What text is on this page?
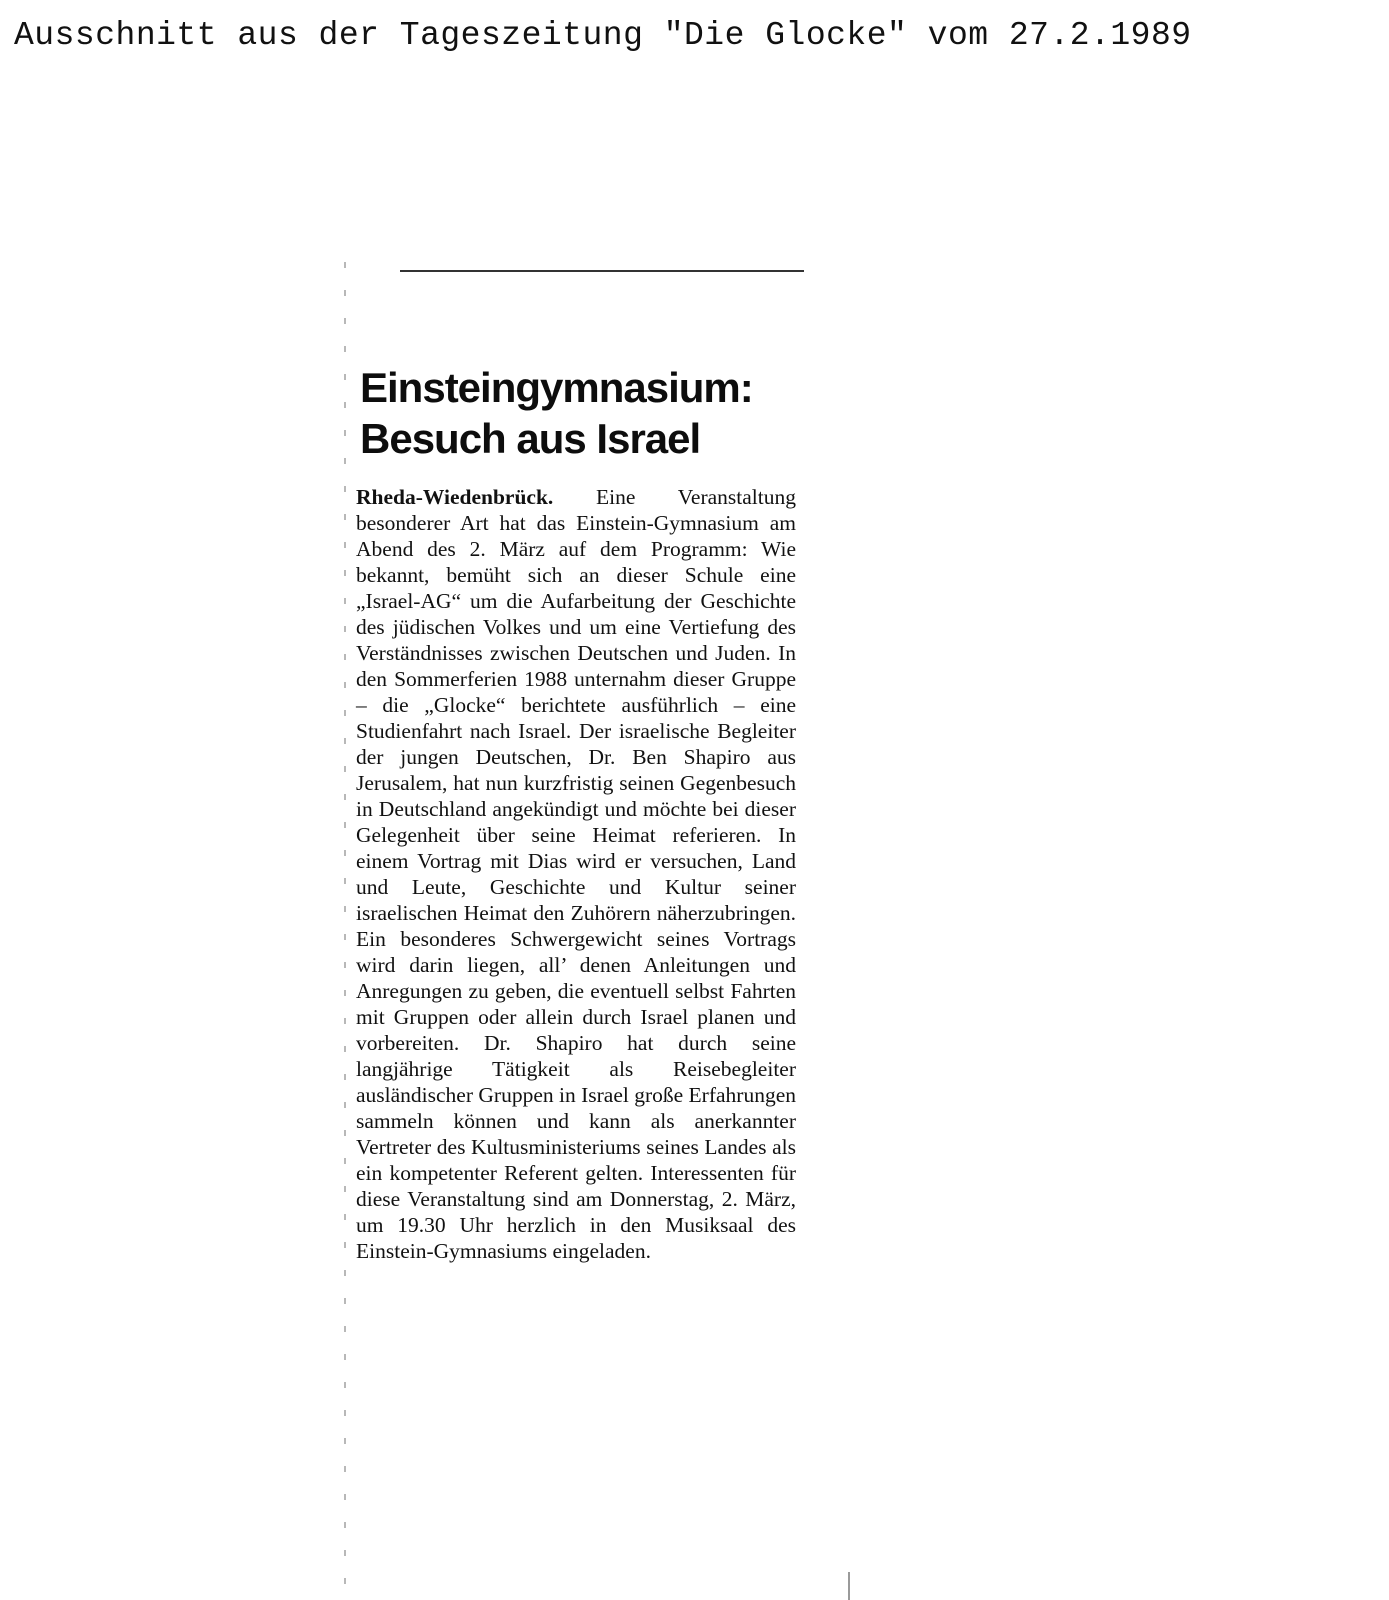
Ausschnitt aus der Tageszeitung "Die Glocke" vom 27.2.1989
Einsteingymnasium:
Besuch aus Israel

Rheda-Wiedenbrück. Eine Veranstaltung besonderer Art hat das Einstein-Gymnasium am Abend des 2. März auf dem Programm: Wie bekannt, bemüht sich an dieser Schule eine „Israel-AG“ um die Aufarbeitung der Geschichte des jüdischen Volkes und um eine Vertiefung des Verständnisses zwischen Deutschen und Juden. In den Sommerferien 1988 unternahm dieser Gruppe – die „Glocke“ berichtete ausführlich – eine Studienfahrt nach Israel. Der israelische Begleiter der jungen Deutschen, Dr. Ben Shapiro aus Jerusalem, hat nun kurzfristig seinen Gegenbesuch in Deutschland angekündigt und möchte bei dieser Gelegenheit über seine Heimat referieren. In einem Vortrag mit Dias wird er versuchen, Land und Leute, Geschichte und Kultur seiner israelischen Heimat den Zuhörern näherzubringen. Ein besonderes Schwergewicht seines Vortrags wird darin liegen, all’ denen Anleitungen und Anregungen zu geben, die eventuell selbst Fahrten mit Gruppen oder allein durch Israel planen und vorbereiten. Dr. Shapiro hat durch seine langjährige Tätigkeit als Reisebegleiter ausländischer Gruppen in Israel große Erfahrungen sammeln können und kann als anerkannter Vertreter des Kultusministeriums seines Landes als ein kompetenter Referent gelten. Interessenten für diese Veranstaltung sind am Donnerstag, 2. März, um 19.30 Uhr herzlich in den Musiksaal des Einstein-Gymnasiums eingeladen.
